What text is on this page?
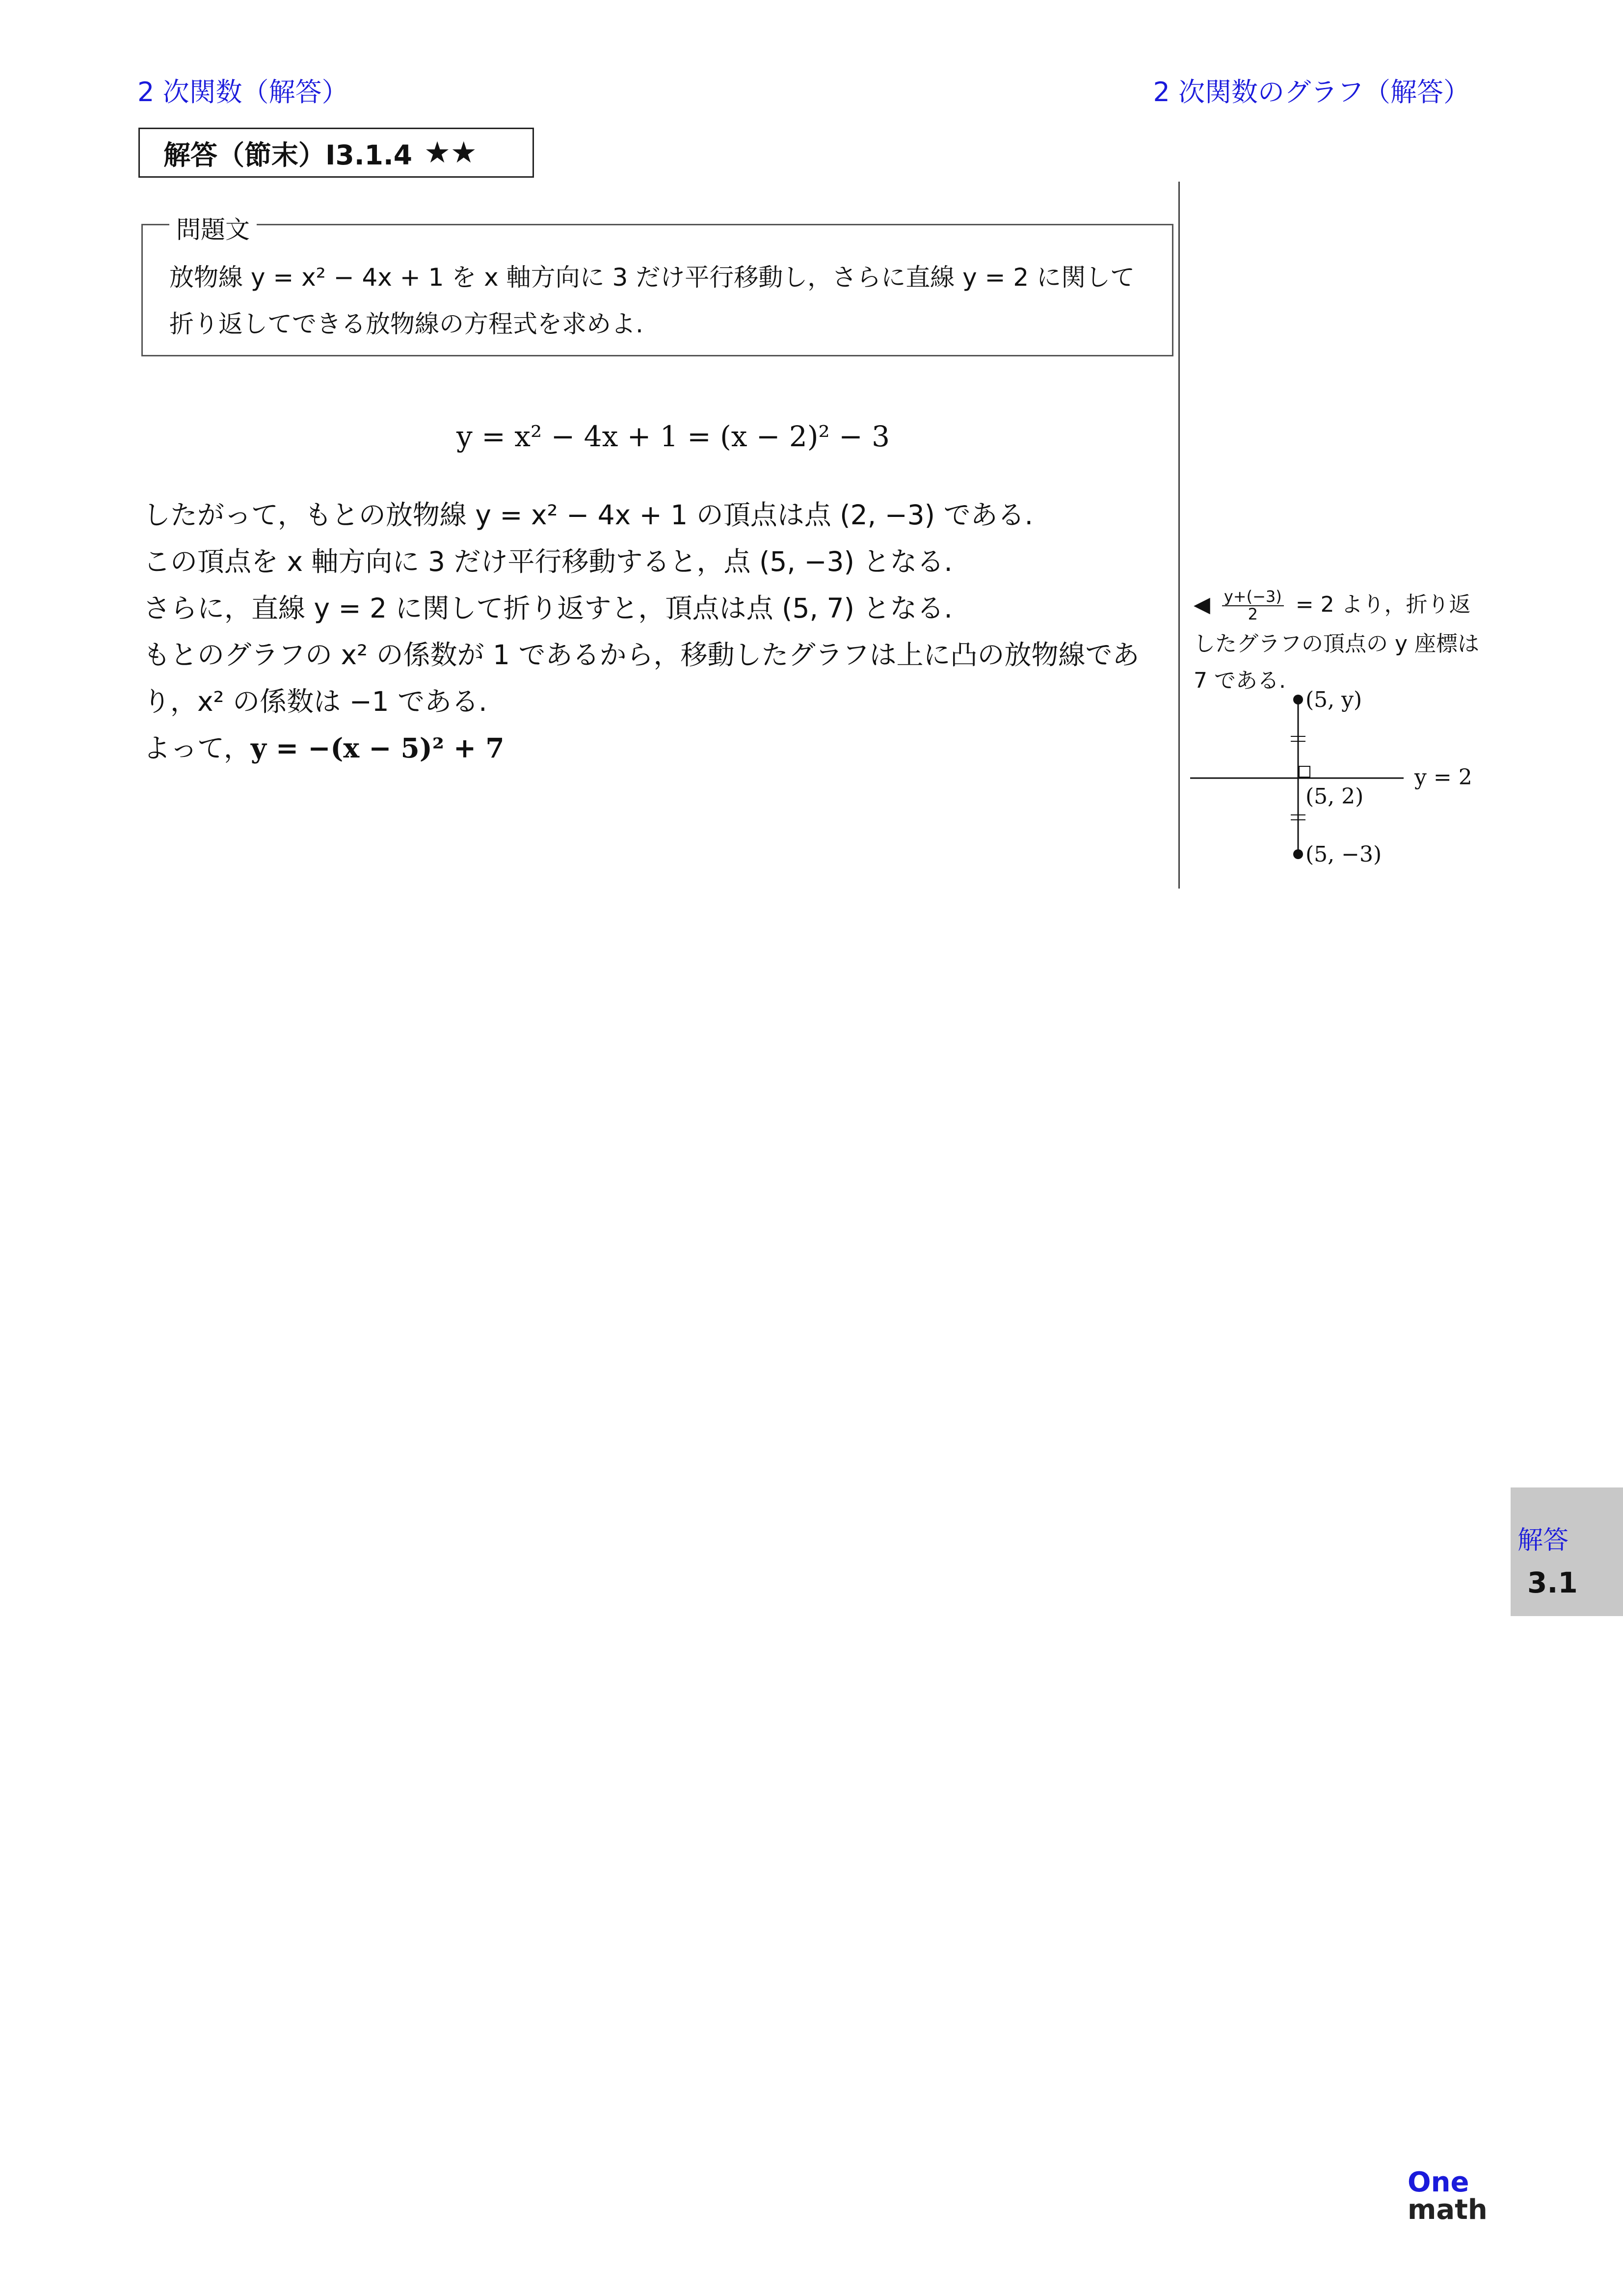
2 次関数（解答）	2 次関数のグラフ（解答）
解答（節末）I3.1.4 ★★
問題文
放物線 y = x² − 4x + 1 を x 軸方向に 3 だけ平行移動し，さらに直線 y = 2 に関して
折り返してできる放物線の方程式を求めよ.
y = x² − 4x + 1 = (x − 2)² − 3
したがって，もとの放物線 y = x² − 4x + 1 の頂点は点 (2, −3) である.
この頂点を x 軸方向に 3 だけ平行移動すると，点 (5, −3) となる.
さらに，直線 y = 2 に関して折り返すと，頂点は点 (5, 7) となる.
もとのグラフの x² の係数が 1 であるから，移動したグラフは上に凸の放物線であ
り，x² の係数は −1 である.
よって，y = −(x − 5)² + 7
◀ $\frac{y+(-3)}{2} = 2$ より，折り返
したグラフの頂点の y 座標は
7 である.
(5, y)
(5, 2)
(5, −3)
y = 2
解答
3.1
One
math
